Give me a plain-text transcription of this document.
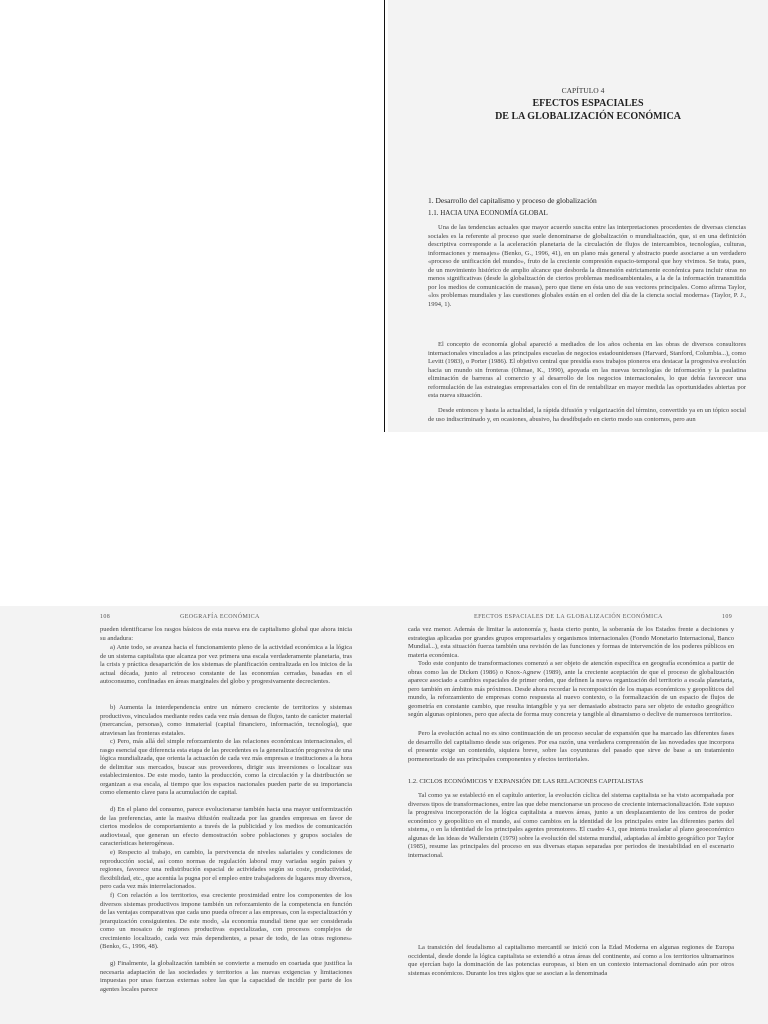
CAPÍTULO 4
EFECTOS ESPACIALES
DE LA GLOBALIZACIÓN ECONÓMICA
1. Desarrollo del capitalismo y proceso de globalización
1.1. HACIA UNA ECONOMÍA GLOBAL
Una de las tendencias actuales que mayor acuerdo suscita entre las interpretaciones procedentes de diversas ciencias sociales es la referente al proceso que suele denominarse de globalización o mundialización, que, si en una definición descriptiva corresponde a la aceleración planetaria de la circulación de flujos de intercambios, tecnologías, culturas, informaciones y mensajes» (Benko, G., 1996, 41), en un plano más general y abstracto puede asociarse a un verdadero «proceso de unificación del mundo», fruto de la creciente compresión espacio-temporal que hoy vivimos. Se trata, pues, de un movimiento histórico de amplio alcance que desborda la dimensión estrictamente económica para incluir otras no menos significativas (desde la globalización de ciertos problemas medioambientales, a la de la información transmitida por los medios de comunicación de masas), pero que tiene en ésta uno de sus vectores principales. Como afirma Taylor, «los problemas mundiales y las cuestiones globales están en el orden del día de la ciencia social moderna» (Taylor, P. J., 1994, 1).
El concepto de economía global apareció a mediados de los años ochenta en las obras de diversos consultores internacionales vinculados a las principales escuelas de negocios estadounidenses (Harvard, Stanford, Columbia...), como Levitt (1983), o Porter (1986). El objetivo central que presidía esos trabajos pioneros era destacar la progresiva evolución hacia un mundo sin fronteras (Ohmae, K., 1990), apoyada en las nuevas tecnologías de información y la paulatina eliminación de barreras al comercio y al desarrollo de los negocios internacionales, lo que debía favorecer una reformulación de las estrategias empresariales con el fin de rentabilizar en mayor medida las oportunidades abiertas por esta nueva situación.
Desde entonces y hasta la actualidad, la rápida difusión y vulgarización del término, convertido ya en un tópico social de uso indiscriminado y, en ocasiones, abusivo, ha desdibujado en cierto modo sus contornos, pero aun
108	GEOGRAFÍA ECONÓMICA
pueden identificarse los rasgos básicos de esta nueva era de capitalismo global que ahora inicia su andadura:
a) Ante todo, se avanza hacia el funcionamiento pleno de la actividad económica a la lógica de un sistema capitalista que alcanza por vez primera una escala verdaderamente planetaria, tras la crisis y práctica desaparición de los sistemas de planificación centralizada en los inicios de la actual década, junto al retroceso constante de las economías cerradas, basadas en el autoconsumo, confinadas en áreas marginales del globo y progresivamente decrecientes.
b) Aumenta la interdependencia entre un número creciente de territorios y sistemas productivos, vinculados mediante redes cada vez más densas de flujos, tanto de carácter material (mercancías, personas), como inmaterial (capital financiero, información, tecnología), que atraviesan las fronteras estatales.
c) Pero, más allá del simple reforzamiento de las relaciones económicas internacionales, el rasgo esencial que diferencia esta etapa de las precedentes es la generalización progresiva de una lógica mundializada, que orienta la actuación de cada vez más empresas e instituciones a la hora de delimitar sus mercados, buscar sus proveedores, dirigir sus inversiones o localizar sus establecimientos. De este modo, tanto la producción, como la circulación y la distribución se organizan a esa escala, al tiempo que los espacios nacionales pueden parte de su importancia como elemento clave para la acumulación de capital.
d) En el plano del consumo, parece evolucionarse también hacia una mayor uniformización de las preferencias, ante la masiva difusión realizada por las grandes empresas en favor de ciertos modelos de comportamiento a través de la publicidad y los medios de comunicación audiovisual, que generan un efecto demostración sobre poblaciones y grupos sociales de características heterogéneas.
e) Respecto al trabajo, en cambio, la pervivencia de niveles salariales y condiciones de reproducción social, así como normas de regulación laboral muy variadas según países y regiones, favorece una redistribución espacial de actividades según su coste, productividad, flexibilidad, etc., que acentúa la pugna por el empleo entre trabajadores de lugares muy diversos, pero cada vez más interrelacionados.
f) Con relación a los territorios, esa creciente proximidad entre los componentes de los diversos sistemas productivos impone también un reforzamiento de la competencia en función de las ventajas comparativas que cada uno pueda ofrecer a las empresas, con la especialización y jerarquización consiguientes. De este modo, «la economía mundial tiene que ser considerada como un mosaico de regiones productivas especializadas, con procesos complejos de crecimiento localizado, cada vez más dependientes, a pesar de todo, de las otras regiones» (Benko, G., 1996, 48).
g) Finalmente, la globalización también se convierte a menudo en coartada que justifica la necesaria adaptación de las sociedades y territorios a las nuevas exigencias y limitaciones impuestas por unas fuerzas externas sobre las que la capacidad de incidir por parte de los agentes locales parece
EFECTOS ESPACIALES DE LA GLOBALIZACIÓN ECONÓMICA	109
cada vez menor. Además de limitar la autonomía y, hasta cierto punto, la soberanía de los Estados frente a decisiones y estrategias aplicadas por grandes grupos empresariales y organismos internacionales (Fondo Monetario Internacional, Banco Mundial...), esta situación fuerza también una revisión de las funciones y formas de intervención de los poderes públicos en materia económica.
Todo este conjunto de transformaciones comenzó a ser objeto de atención específica en geografía económica a partir de obras como las de Dicken (1986) o Knox-Agnew (1989), ante la creciente aceptación de que el proceso de globalización aparece asociado a cambios espaciales de primer orden, que definen la nueva organización del territorio a escala planetaria, pero también en ámbitos más próximos. Desde ahora recordar la recomposición de los mapas económicos y geopolíticos del mundo, la reforzamiento de empresas como respuesta al nuevo contexto, o la formalización de un espacio de flujos de geometría en constante cambio, que resulta intangible y ya ser demasiado abstracto para ser objeto de estudio geográfico según algunas opiniones, pero que afecta de forma muy concreta y tangible al dinamismo o declive de numerosos territorios.
Pero la evolución actual no es sino continuación de un proceso secular de expansión que ha marcado las diferentes fases de desarrollo del capitalismo desde sus orígenes. Por esa razón, una verdadera comprensión de las novedades que incorpora el presente exige un contenido, siquiera breve, sobre las coyunturas del pasado que sirve de base a un tratamiento pormenorizado de sus principales componentes y efectos territoriales.
1.2. CICLOS ECONÓMICOS Y EXPANSIÓN DE LAS RELACIONES CAPITALISTAS
Tal como ya se estableció en el capítulo anterior, la evolución cíclica del sistema capitalista se ha visto acompañada por diversos tipos de transformaciones, entre las que debe mencionarse un proceso de creciente internacionalización. Este supuso la progresiva incorporación de la lógica capitalista a nuevos áreas, junto a un desplazamiento de los centros de poder económico y geopolítico en el mundo, así como cambios en la identidad de los principales entre las diferentes partes del sistema, o en la identidad de los principales agentes promotores. El cuadro 4.1, que intenta trasladar al plano geoeconómico algunas de las ideas de Wallerstein (1979) sobre la evolución del sistema mundial, adaptadas al ámbito geográfico por Taylor (1985), resume las principales del proceso en sus diversas etapas separadas por periodos de inestabilidad en el escenario internacional.
La transición del feudalismo al capitalismo mercantil se inició con la Edad Moderna en algunas regiones de Europa occidental, desde donde la lógica capitalista se extendió a otras áreas del continente, así como a los territorios ultramarinos que ejercían bajo la dominación de las potencias europeas, si bien en un contexto internacional dominado aún por otros sistemas económicos. Durante los tres siglos que se asocian a la denominada
